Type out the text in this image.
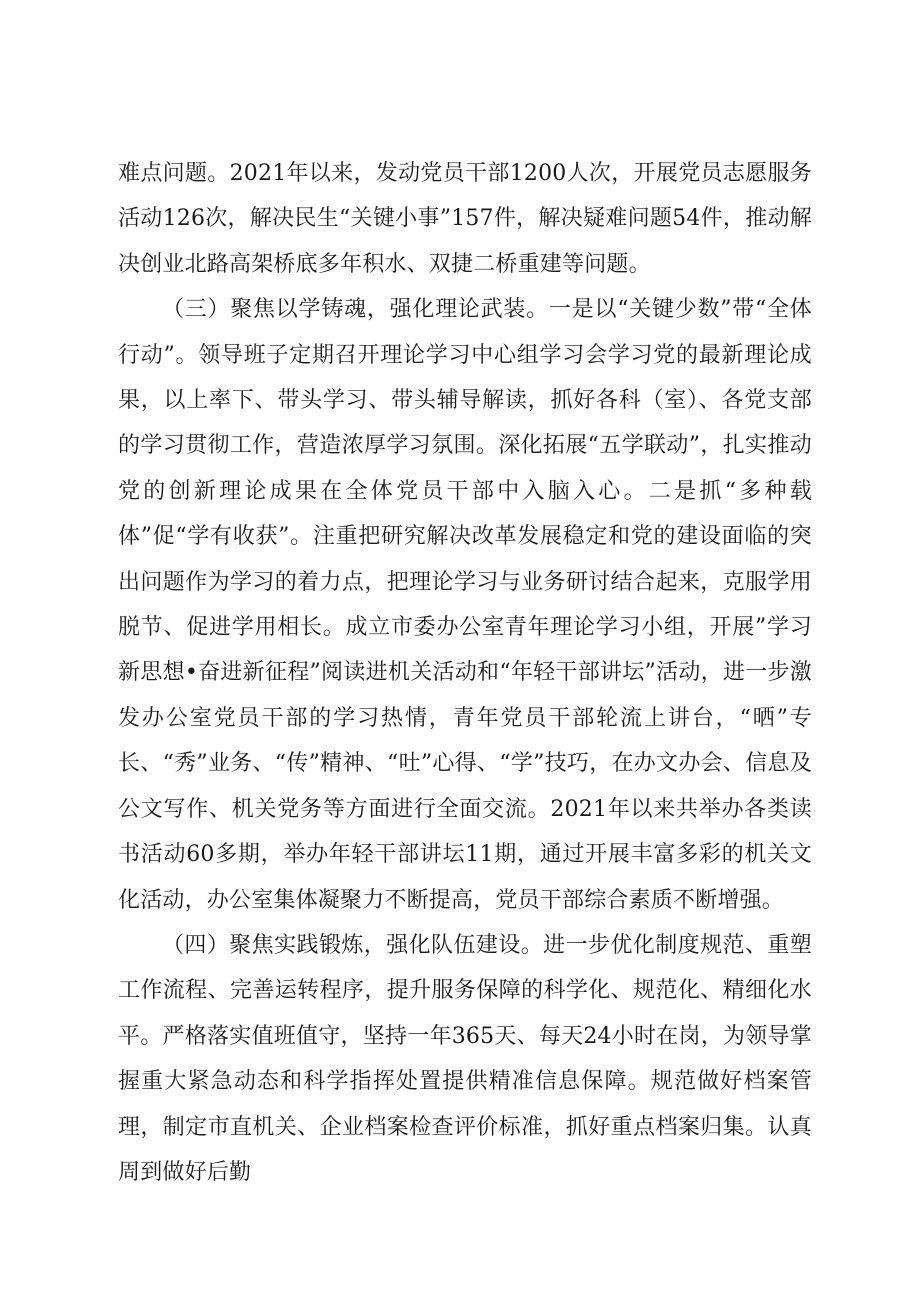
难点问题。2021年以来，发动党员干部1200人次，开展党员志愿服务活动126次，解决民生“关键小事”157件，解决疑难问题54件，推动解决创业北路高架桥底多年积水、双捷二桥重建等问题。

（三）聚焦以学铸魂，强化理论武装。一是以“关键少数”带“全体行动”。领导班子定期召开理论学习中心组学习会学习党的最新理论成果，以上率下、带头学习、带头辅导解读，抓好各科（室）、各党支部的学习贯彻工作，营造浓厚学习氛围。深化拓展“五学联动”，扎实推动党的创新理论成果在全体党员干部中入脑入心。二是抓“多种载体”促“学有收获”。注重把研究解决改革发展稳定和党的建设面临的突出问题作为学习的着力点，把理论学习与业务研讨结合起来，克服学用脱节、促进学用相长。成立市委办公室青年理论学习小组，开展”学习新思想•奋进新征程”阅读进机关活动和“年轻干部讲坛”活动，进一步激发办公室党员干部的学习热情，青年党员干部轮流上讲台，“晒”专长、“秀”业务、“传”精神、“吐”心得、“学”技巧，在办文办会、信息及公文写作、机关党务等方面进行全面交流。2021年以来共举办各类读书活动60多期，举办年轻干部讲坛11期，通过开展丰富多彩的机关文化活动，办公室集体凝聚力不断提高，党员干部综合素质不断增强。

（四）聚焦实践锻炼，强化队伍建设。进一步优化制度规范、重塑工作流程、完善运转程序，提升服务保障的科学化、规范化、精细化水平。严格落实值班值守，坚持一年365天、每天24小时在岗，为领导掌握重大紧急动态和科学指挥处置提供精准信息保障。规范做好档案管理，制定市直机关、企业档案检查评价标准，抓好重点档案归集。认真周到做好后勤
